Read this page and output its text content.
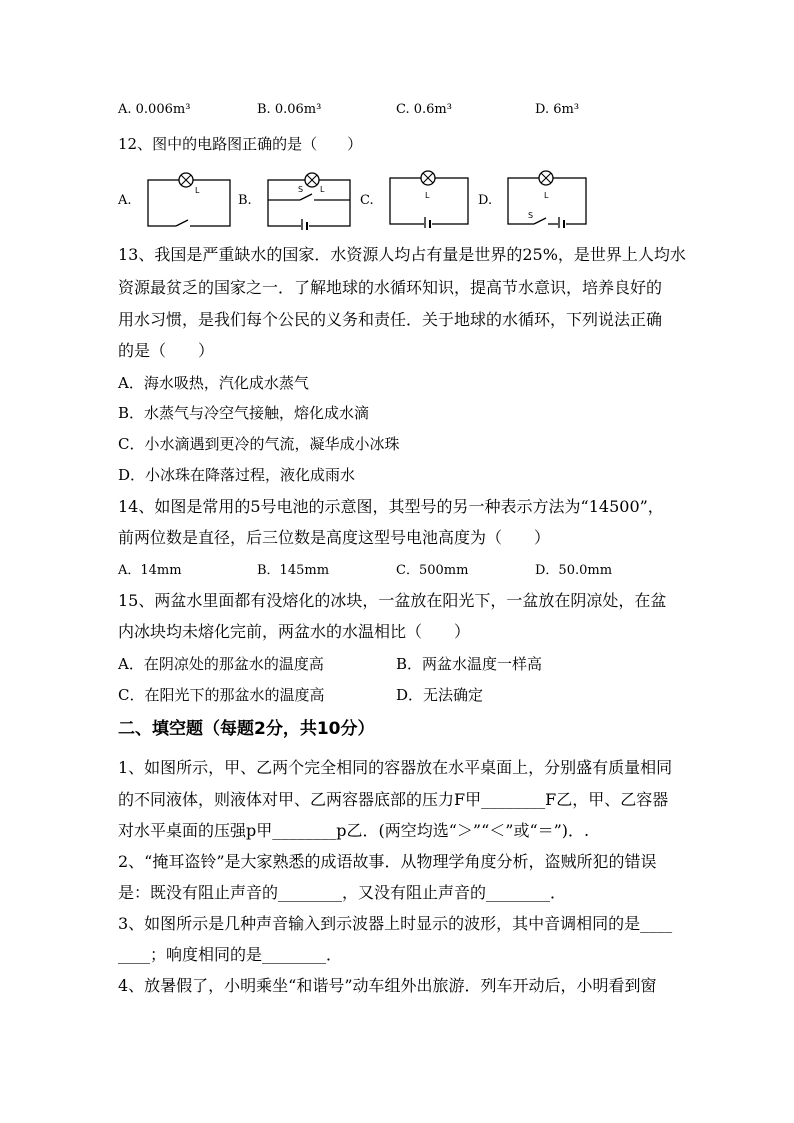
A. 0.006m³	B. 0.06m³	C. 0.6m³	D. 6m³
12、图中的电路图正确的是（　　）
A.
L
B.
S L
C.	L	D.	L
S
13、我国是严重缺水的国家．水资源人均占有量是世界的25%，是世界上人均水
资源最贫乏的国家之一．了解地球的水循环知识，提高节水意识，培养良好的
用水习惯，是我们每个公民的义务和责任．关于地球的水循环，下列说法正确
的是（　　）
A．海水吸热，汽化成水蒸气
B．水蒸气与冷空气接触，熔化成水滴
C．小水滴遇到更冷的气流，凝华成小冰珠
D．小冰珠在降落过程，液化成雨水
14、如图是常用的5号电池的示意图，其型号的另一种表示方法为“14500”，
前两位数是直径，后三位数是高度这型号电池高度为（　　）
A．14mm	B．145mm	C．500mm	D．50.0mm
15、两盆水里面都有没熔化的冰块，一盆放在阳光下，一盆放在阴凉处，在盆
内冰块均未熔化完前，两盆水的水温相比（　　）
A．在阴凉处的那盆水的温度高	B．两盆水温度一样高
C．在阳光下的那盆水的温度高	D．无法确定
二、填空题（每题2分，共10分）
1、如图所示，甲、乙两个完全相同的容器放在水平桌面上，分别盛有质量相同
的不同液体，则液体对甲、乙两容器底部的压力F甲________F乙，甲、乙容器
对水平桌面的压强p甲________p乙．(两空均选“＞”“＜”或“＝”)．.
2、“掩耳盗铃”是大家熟悉的成语故事．从物理学角度分析，盗贼所犯的错误
是：既没有阻止声音的________，又没有阻止声音的________．
3、如图所示是几种声音输入到示波器上时显示的波形，其中音调相同的是____
____；响度相同的是________．
4、放暑假了，小明乘坐“和谐号”动车组外出旅游．列车开动后，小明看到窗
